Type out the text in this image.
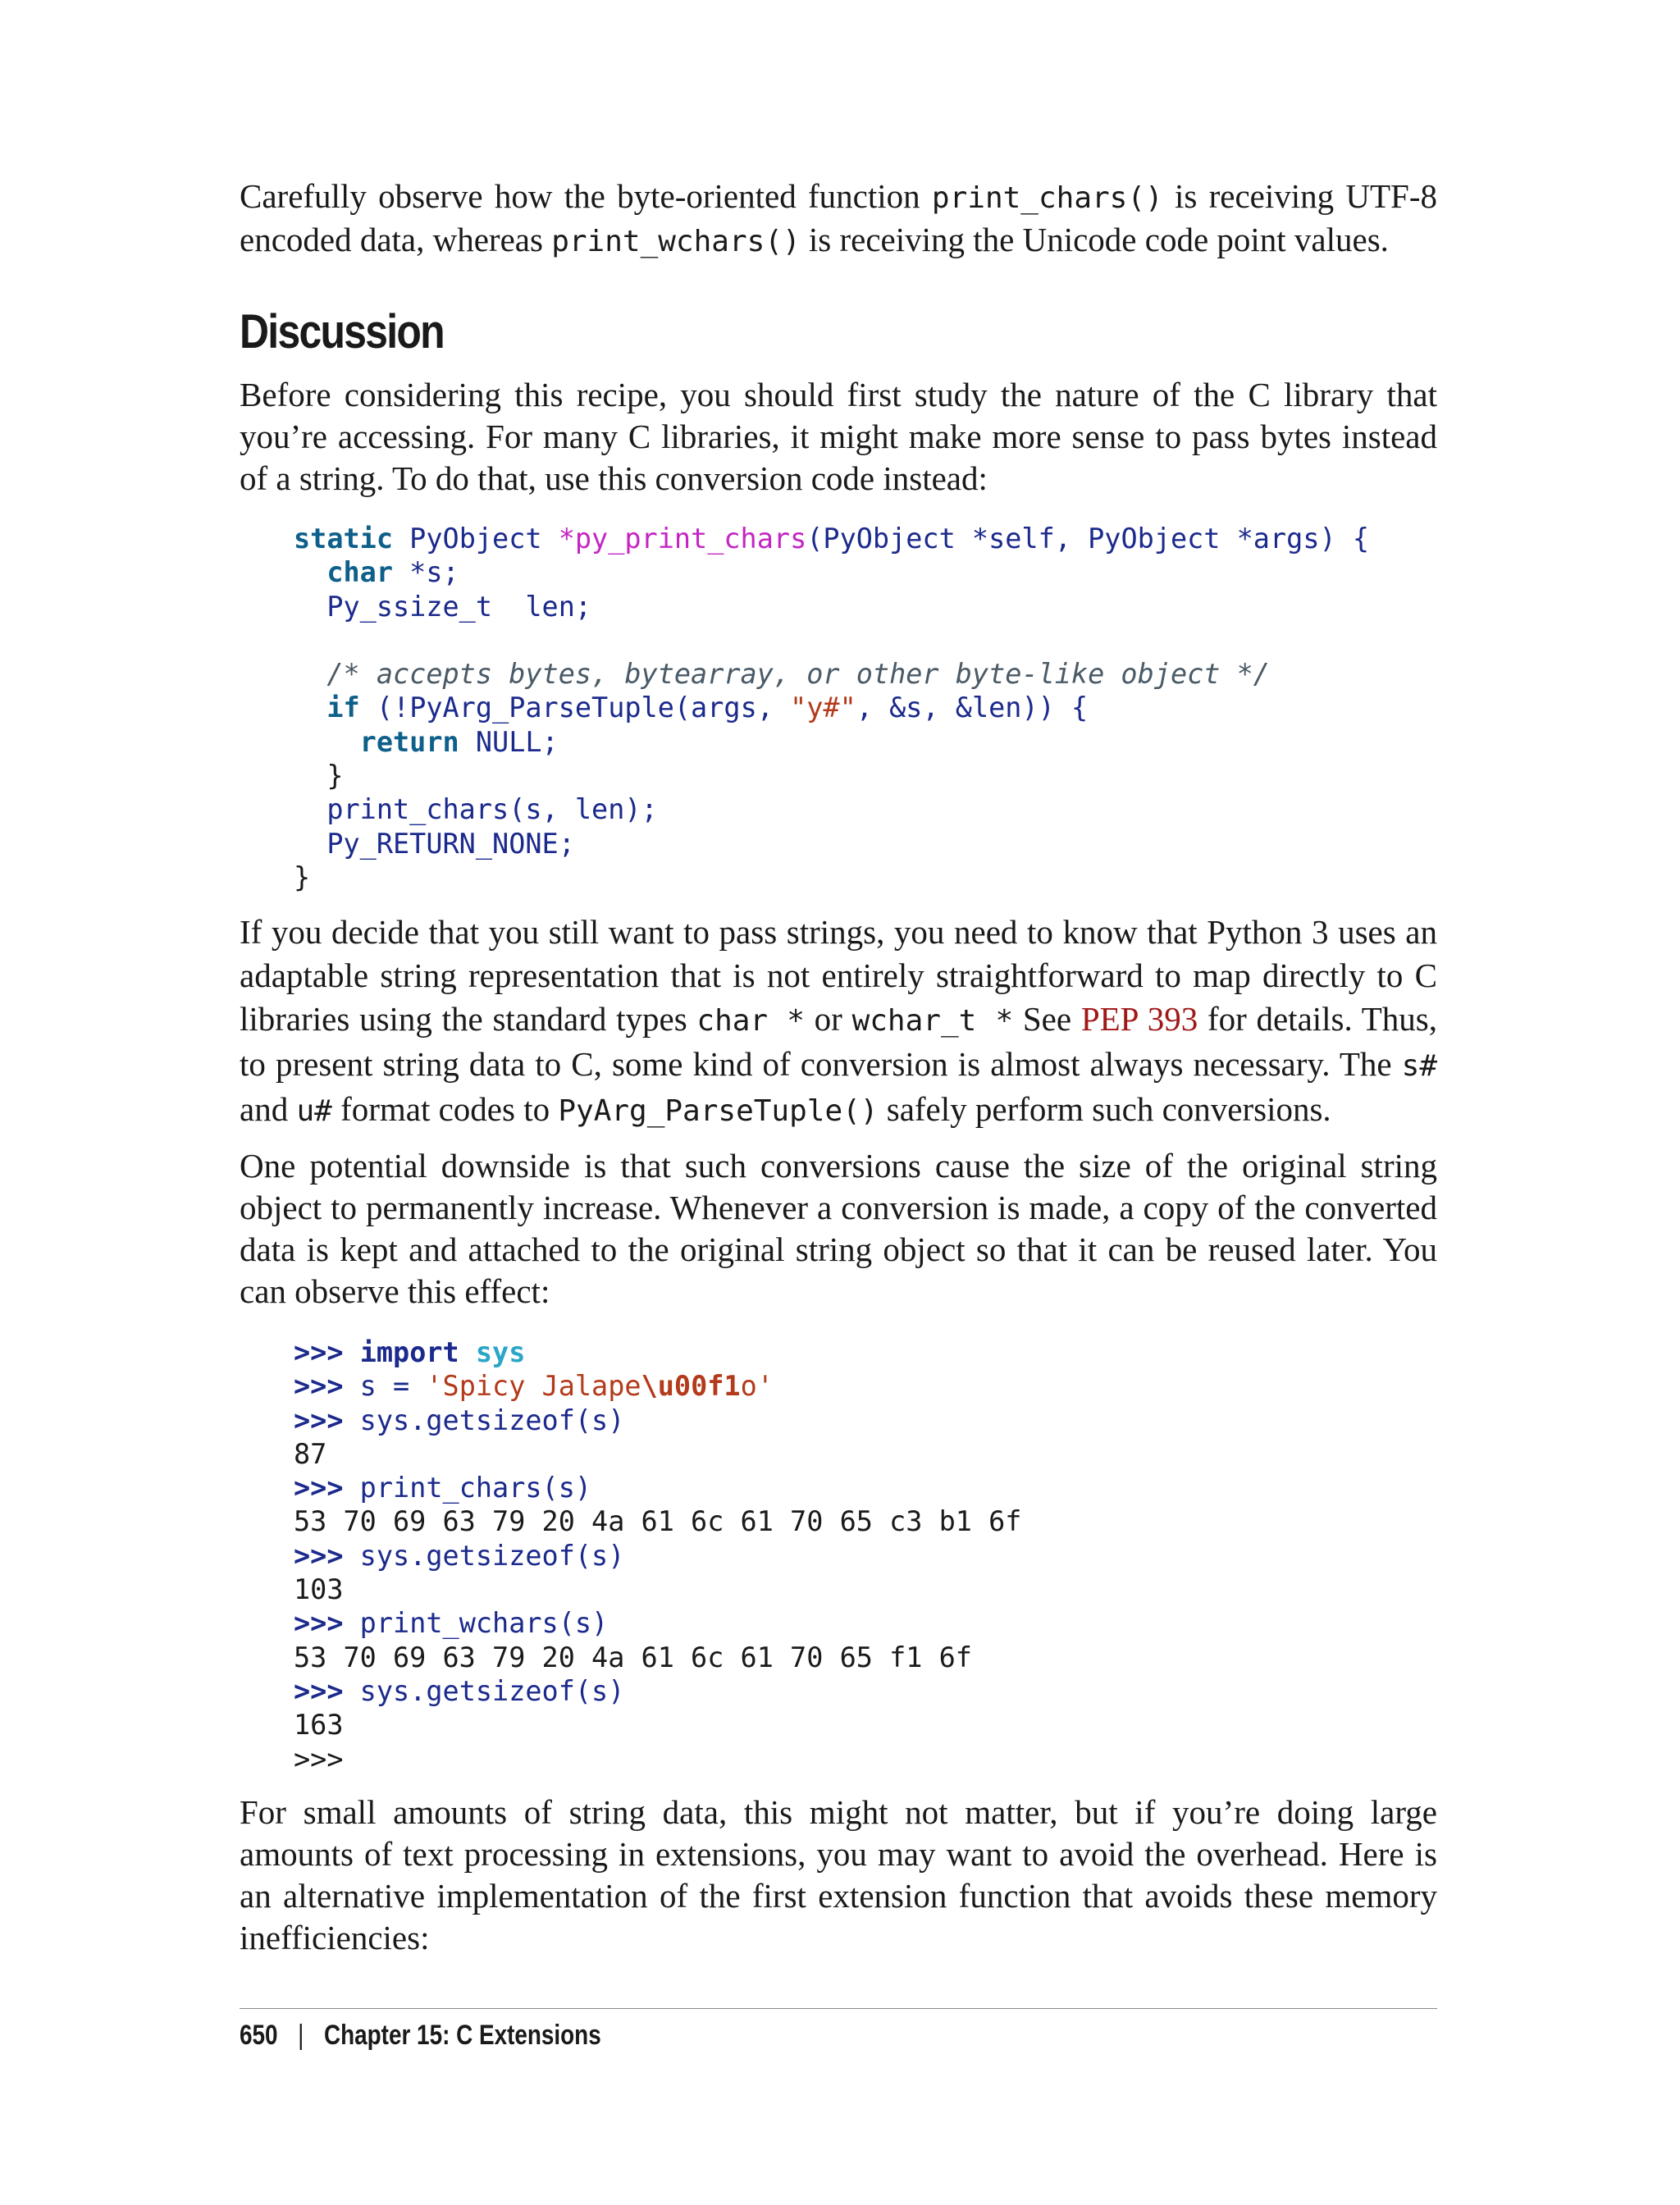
Carefully observe how the byte-oriented function print_chars() is receiving UTF-8 encoded data, whereas print_wchars() is receiving the Unicode code point values.

Discussion

Before considering this recipe, you should first study the nature of the C library that you’re accessing. For many C libraries, it might make more sense to pass bytes instead of a string. To do that, use this conversion code instead:

static PyObject *py_print_chars(PyObject *self, PyObject *args) {
char *s;
Py_ssize_t  len;

/* accepts bytes, bytearray, or other byte-like object */
if (!PyArg_ParseTuple(args, "y#", &s, &len)) {
return NULL;
}
print_chars(s, len);
Py_RETURN_NONE;
}

If you decide that you still want to pass strings, you need to know that Python 3 uses an adaptable string representation that is not entirely straightforward to map directly to C libraries using the standard types char * or wchar_t * See PEP 393 for details. Thus, to present string data to C, some kind of conversion is almost always necessary. The s# and u# format codes to PyArg_ParseTuple() safely perform such conversions.

One potential downside is that such conversions cause the size of the original string object to permanently increase. Whenever a conversion is made, a copy of the converted data is kept and attached to the original string object so that it can be reused later. You can observe this effect:

>>> import sys
>>> s = 'Spicy Jalape\u00f1o'
>>> sys.getsizeof(s)
87
>>> print_chars(s)
53 70 69 63 79 20 4a 61 6c 61 70 65 c3 b1 6f
>>> sys.getsizeof(s)
103
>>> print_wchars(s)
53 70 69 63 79 20 4a 61 6c 61 70 65 f1 6f
>>> sys.getsizeof(s)
163
>>>

For small amounts of string data, this might not matter, but if you’re doing large amounts of text processing in extensions, you may want to avoid the overhead. Here is an alternative implementation of the first extension function that avoids these memory inefficiencies:

650 | Chapter 15: C Extensions
